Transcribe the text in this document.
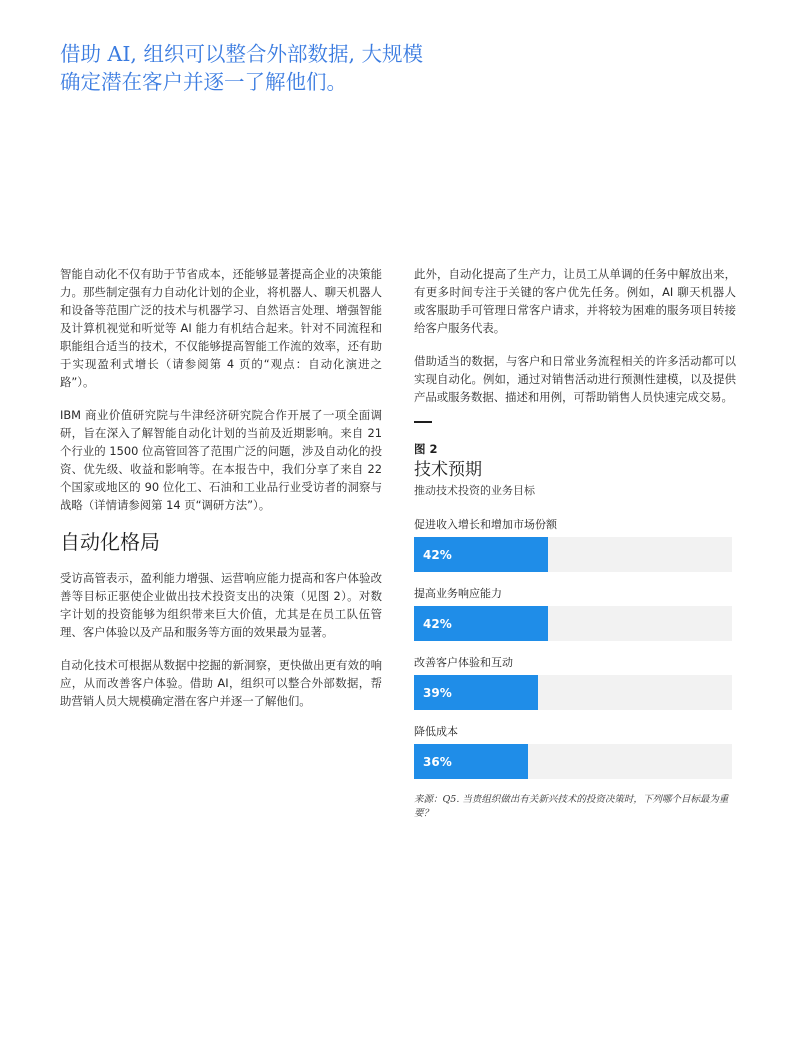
借助 AI, 组织可以整合外部数据, 大规模确定潜在客户并逐一了解他们。

智能自动化不仅有助于节省成本，还能够显著提高企业的决策能力。那些制定强有力自动化计划的企业，将机器人、聊天机器人和设备等范围广泛的技术与机器学习、自然语言处理、增强智能及计算机视觉和听觉等 AI 能力有机结合起来。针对不同流程和职能组合适当的技术，不仅能够提高智能工作流的效率，还有助于实现盈利式增长（请参阅第 4 页的“观点：自动化演进之路”）。

IBM 商业价值研究院与牛津经济研究院合作开展了一项全面调研，旨在深入了解智能自动化计划的当前及近期影响。来自 21 个行业的 1500 位高管回答了范围广泛的问题，涉及自动化的投资、优先级、收益和影响等。在本报告中，我们分享了来自 22 个国家或地区的 90 位化工、石油和工业品行业受访者的洞察与战略（详情请参阅第 14 页“调研方法”）。

自动化格局

受访高管表示，盈利能力增强、运营响应能力提高和客户体验改善等目标正驱使企业做出技术投资支出的决策（见图 2）。对数字计划的投资能够为组织带来巨大价值，尤其是在员工队伍管理、客户体验以及产品和服务等方面的效果最为显著。

自动化技术可根据从数据中挖掘的新洞察，更快做出更有效的响应，从而改善客户体验。借助 AI，组织可以整合外部数据，帮助营销人员大规模确定潜在客户并逐一了解他们。

此外，自动化提高了生产力，让员工从单调的任务中解放出来，有更多时间专注于关键的客户优先任务。例如，AI 聊天机器人或客服助手可管理日常客户请求，并将较为困难的服务项目转接给客户服务代表。

借助适当的数据，与客户和日常业务流程相关的许多活动都可以实现自动化。例如，通过对销售活动进行预测性建模，以及提供产品或服务数据、描述和用例，可帮助销售人员快速完成交易。

图 2
技术预期
推动技术投资的业务目标
促进收入增长和增加市场份额
42%
提高业务响应能力
42%
改善客户体验和互动
39%
降低成本
36%
来源：Q5. 当贵组织做出有关新兴技术的投资决策时，下列哪个目标最为重要？
